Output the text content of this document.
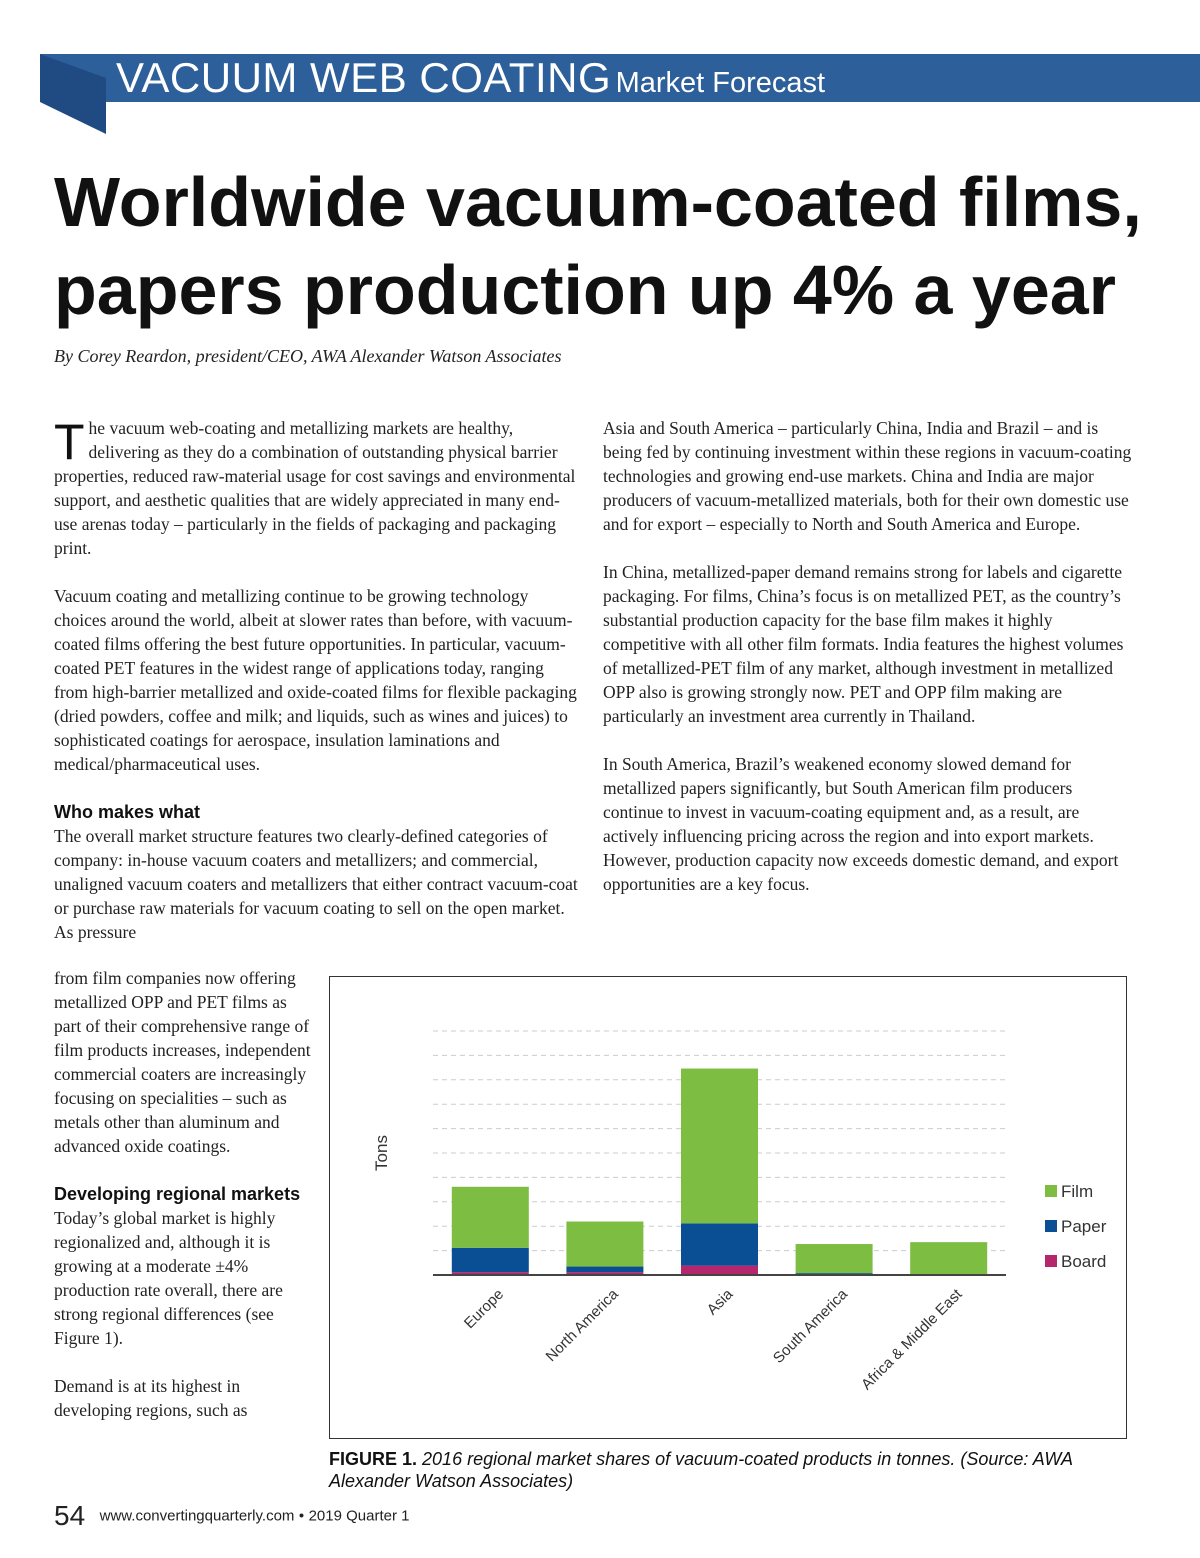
VACUUM WEB COATING Market Forecast
Worldwide vacuum-coated films, papers production up 4% a year
By Corey Reardon, president/CEO, AWA Alexander Watson Associates

The vacuum web-coating and metallizing markets are healthy, delivering as they do a combination of outstanding physical barrier properties, reduced raw-material usage for cost savings and environmental support, and aesthetic qualities that are widely appreciated in many end-use arenas today – particularly in the fields of packaging and packaging print.

Vacuum coating and metallizing continue to be growing technology choices around the world, albeit at slower rates than before, with vacuum-coated films offering the best future opportunities. In particular, vacuum-coated PET features in the widest range of applications today, ranging from high-barrier metallized and oxide-coated films for flexible packaging (dried powders, coffee and milk; and liquids, such as wines and juices) to sophisticated coatings for aerospace, insulation laminations and medical/pharmaceutical uses.

Who makes what

The overall market structure features two clearly-defined categories of company: in-house vacuum coaters and metallizers; and commercial, unaligned vacuum coaters and metallizers that either contract vacuum-coat or purchase raw materials for vacuum coating to sell on the open market. As pressure

from film companies now offering metallized OPP and PET films as part of their comprehensive range of film products increases, independent commercial coaters are increasingly focusing on specialities – such as metals other than aluminum and advanced oxide coatings.

Developing regional markets

Today’s global market is highly regionalized and, although it is growing at a moderate ±4% production rate overall, there are strong regional differences (see Figure 1).

Demand is at its highest in developing regions, such as

Asia and South America – particularly China, India and Brazil – and is being fed by continuing investment within these regions in vacuum-coating technologies and growing end-use markets. China and India are major producers of vacuum-metallized materials, both for their own domestic use and for export – especially to North and South America and Europe.

In China, metallized-paper demand remains strong for labels and cigarette packaging. For films, China’s focus is on metallized PET, as the country’s substantial production capacity for the base film makes it highly competitive with all other film formats. India features the highest volumes of metallized-PET film of any market, although investment in metallized OPP also is growing strongly now. PET and OPP film making are particularly an investment area currently in Thailand.

In South America, Brazil’s weakened economy slowed demand for metallized papers significantly, but South American film producers continue to invest in vacuum-coating equipment and, as a result, are actively influencing pricing across the region and into export markets. However, production capacity now exceeds domestic demand, and export opportunities are a key focus.

Europe North America	Asia South America Africa & Middle East
Tons
Film
Paper
Board
FIGURE 1. 2016 regional market shares of vacuum-coated products in tonnes. (Source: AWA Alexander Watson Associates)
54 www.convertingquarterly.com • 2019 Quarter 1
